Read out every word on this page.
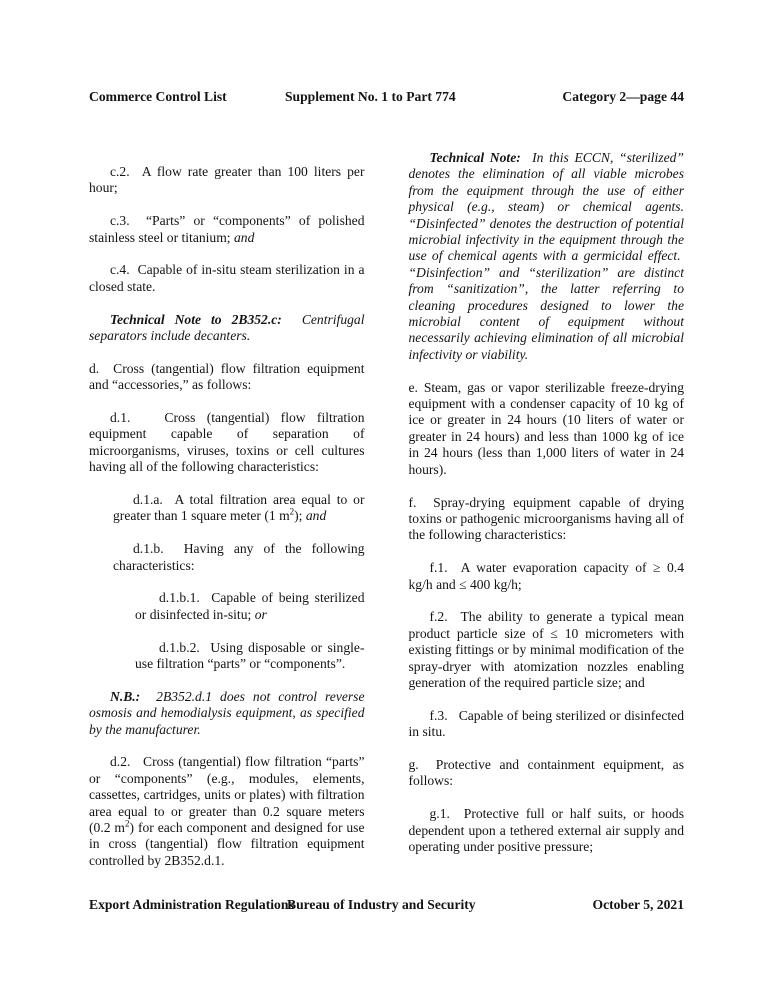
Commerce Control List	Supplement No. 1 to Part 774	Category 2—page 44

c.2.  A flow rate greater than 100 liters per hour;

c.3.  “Parts” or “components” of polished stainless steel or titanium; and

c.4.  Capable of in-situ steam sterilization in a closed state.

Technical Note to 2B352.c: Centrifugal separators include decanters.

d.  Cross (tangential) flow filtration equipment and “accessories,” as follows:

d.1.   Cross (tangential) flow filtration equipment capable of separation of microorganisms, viruses, toxins or cell cultures having all of the following characteristics:

d.1.a.  A total filtration area equal to or greater than 1 square meter (1 $m^2$); and

d.1.b.  Having any of the following characteristics:

d.1.b.1.  Capable of being sterilized or disinfected in-situ; or

d.1.b.2.  Using disposable or single-use filtration “parts” or “components”.

N.B.: 2B352.d.1 does not control reverse osmosis and hemodialysis equipment, as specified by the manufacturer.

d.2.   Cross (tangential) flow filtration “parts” or “components” (e.g., modules, elements, cassettes, cartridges, units or plates) with filtration area equal to or greater than 0.2 square meters (0.2 $m^2$) for each component and designed for use in cross (tangential) flow filtration equipment controlled by 2B352.d.1.

Technical Note: In this ECCN, “sterilized” denotes the elimination of all viable microbes from the equipment through the use of either physical (e.g., steam) or chemical agents. “Disinfected” denotes the destruction of potential microbial infectivity in the equipment through the use of chemical agents with a germicidal effect.  “Disinfection” and “sterilization” are distinct from “sanitization”, the latter referring to cleaning procedures designed to lower the microbial content of equipment without necessarily achieving elimination of all microbial infectivity or viability.

e. Steam, gas or vapor sterilizable freeze-drying equipment with a condenser capacity of 10 kg of ice or greater in 24 hours (10 liters of water or greater in 24 hours) and less than 1000 kg of ice in 24 hours (less than 1,000 liters of water in 24 hours).

f.  Spray-drying equipment capable of drying toxins or pathogenic microorganisms having all of the following characteristics:

f.1.  A water evaporation capacity of ≥ 0.4 kg/h and ≤ 400 kg/h;

f.2.  The ability to generate a typical mean product particle size of ≤ 10 micrometers with existing fittings or by minimal modification of the spray-dryer with atomization nozzles enabling generation of the required particle size; and

f.3.   Capable of being sterilized or disinfected in situ.

g.  Protective and containment equipment, as follows:

g.1.  Protective full or half suits, or hoods dependent upon a tethered external air supply and operating under positive pressure;

Export Administration Regulations
Bureau of Industry and Security	October 5, 2021
